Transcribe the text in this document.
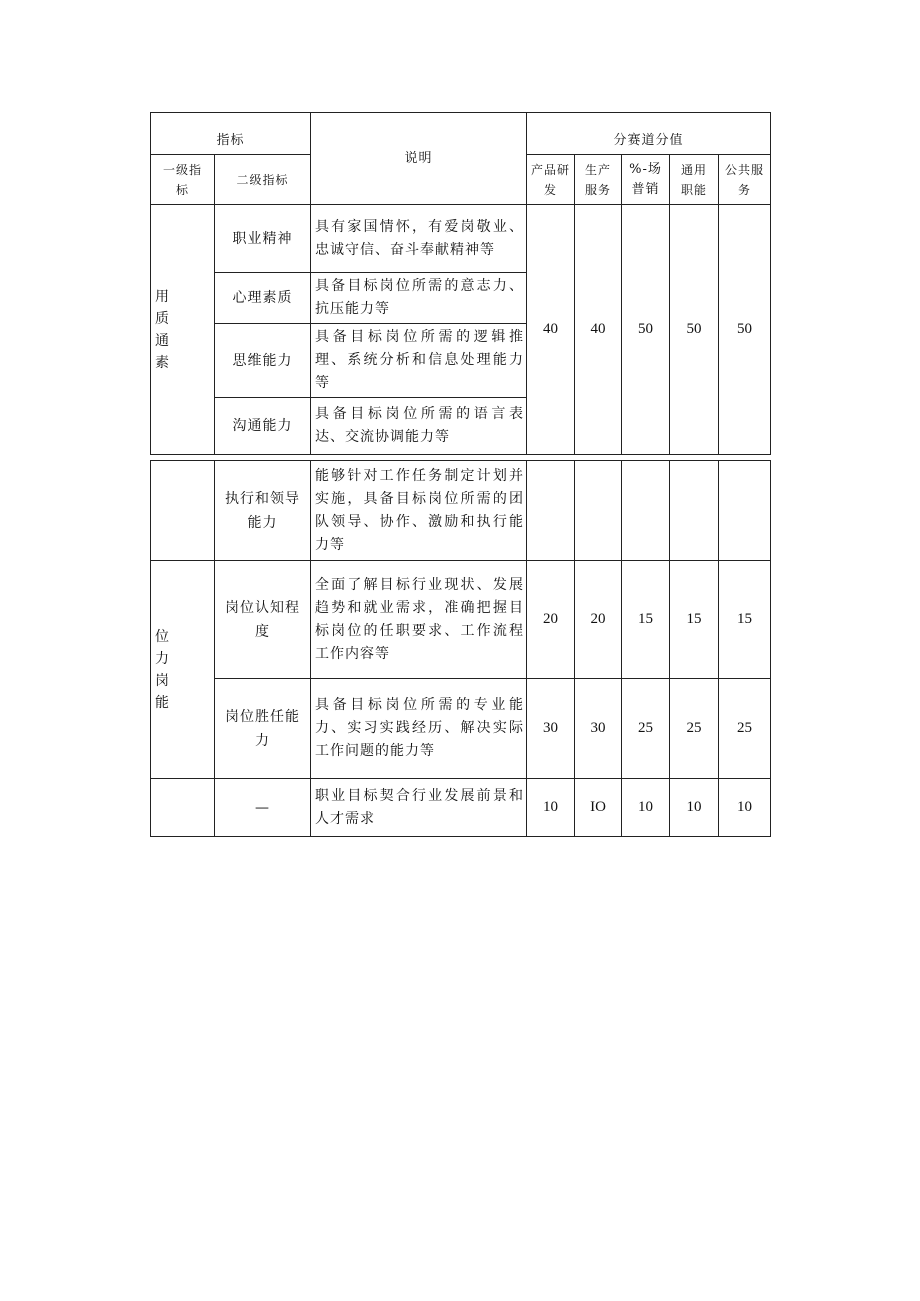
指标		说明	分赛道分值				

一级指标	二级指标		产品研发	生产服务	%-场普销	通用职能	公共服务

用质通素	职业精神	具有家国情怀，有爱岗敬业、忠诚守信、奋斗奉献精神等	40	40	50	50	50
	心理素质	具备目标岗位所需的意志力、抗压能力等					
	思维能力	具备目标岗位所需的逻辑推理、系统分析和信息处理能力等					
	沟通能力	具备目标岗位所需的语言表达、交流协调能力等					

	执行和领导能力	能够针对工作任务制定计划并实施，具备目标岗位所需的团队领导、协作、激励和执行能力等					

位力岗能	岗位认知程度	全面了解目标行业现状、发展趋势和就业需求，准确把握目标岗位的任职要求、工作流程工作内容等	20	20	15	15	15

	岗位胜任能力	具备目标岗位所需的专业能力、实习实践经历、解决实际工作问题的能力等	30	30	25	25	25
	—	职业目标契合行业发展前景和人才需求	10	IO	10	10	10
